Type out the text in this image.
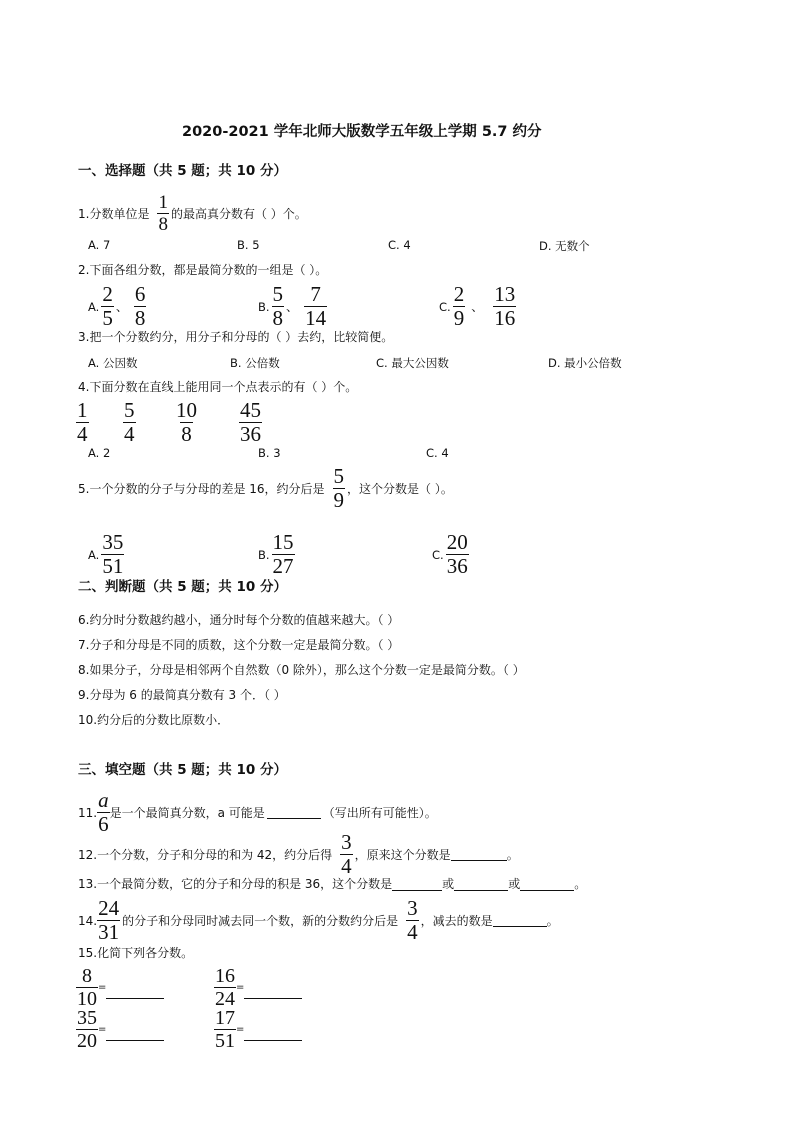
2020-2021 学年北师大版数学五年级上学期 5.7 约分
一、选择题（共 5 题；共 10 分）
1.分数单位是 $\frac{1}{8}$ 的最高真分数有（ ）个。
A. 7	B. 5	C. 4	D. 无数个
2.下面各组分数，都是最简分数的一组是（ ）。
A. $\frac{2}{5}$ 、 $\frac{6}{8}$	B. $\frac{5}{8}$ 、 $\frac{7}{14}$	C. $\frac{2}{9}$ 、 $\frac{13}{16}$
3.把一个分数约分，用分子和分母的（ ）去约，比较简便。
A. 公因数	B. 公倍数	C. 最大公因数	D. 最小公倍数
4.下面分数在直线上能用同一个点表示的有（ ）个。
$\frac{1}{4} \frac{5}{4} \frac{10}{8} \frac{45}{36}$
A. 2	B. 3	C. 4
5.一个分数的分子与分母的差是 16，约分后是 $\frac{5}{9}$ ，这个分数是（ ）。
A. $\frac{35}{51}$	B. $\frac{15}{27}$	C. $\frac{20}{36}$
二、判断题（共 5 题；共 10 分）
6.约分时分数越约越小，通分时每个分数的值越来越大。（ ）
7.分子和分母是不同的质数，这个分数一定是最简分数。（ ）
8.如果分子，分母是相邻两个自然数（0 除外），那么这个分数一定是最简分数。（ ）
9.分母为 6 的最简真分数有 3 个．（ ）
10.约分后的分数比原数小．
三、填空题（共 5 题；共 10 分）
11. $\frac{a}{6}$ 是一个最简真分数，a 可能是	（写出所有可能性）。
12.一个分数，分子和分母的和为 42，约分后得 $\frac{3}{4}$ ，原来这个分数是	。
13.一个最简分数，它的分子和分母的积是 36，这个分数是	或	或	。
14. $\frac{24}{31}$ 的分子和分母同时减去同一个数，新的分数约分后是 $\frac{3}{4}$ ，减去的数是	。
15.化简下列各分数。
$\frac{8}{10}$ =	$\frac{16}{24}$ =
$\frac{35}{20}$ =	$\frac{17}{51}$ =
